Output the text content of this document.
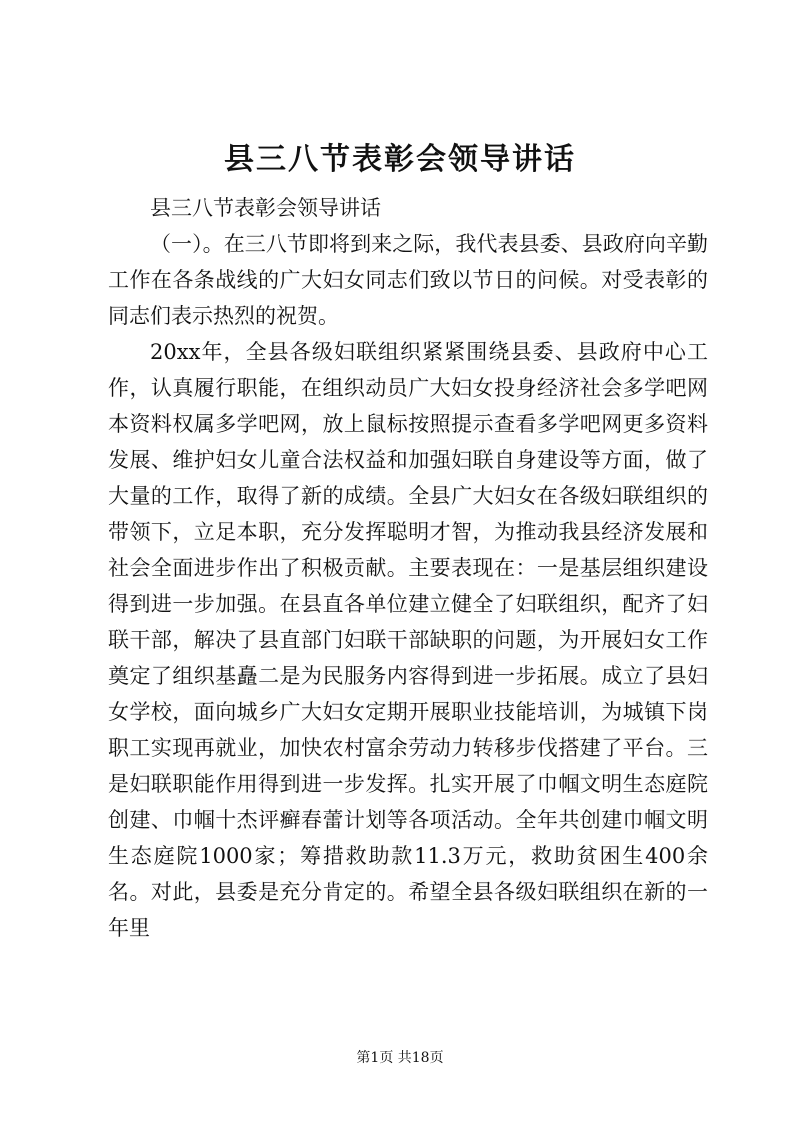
县三八节表彰会领导讲话

县三八节表彰会领导讲话

（一）。在三八节即将到来之际，我代表县委、县政府向辛勤工作在各条战线的广大妇女同志们致以节日的问候。对受表彰的同志们表示热烈的祝贺。

20xx年，全县各级妇联组织紧紧围绕县委、县政府中心工作，认真履行职能，在组织动员广大妇女投身经济社会多学吧网本资料权属多学吧网，放上鼠标按照提示查看多学吧网更多资料发展、维护妇女儿童合法权益和加强妇联自身建设等方面，做了大量的工作，取得了新的成绩。全县广大妇女在各级妇联组织的带领下，立足本职，充分发挥聪明才智，为推动我县经济发展和社会全面进步作出了积极贡献。主要表现在：一是基层组织建设得到进一步加强。在县直各单位建立健全了妇联组织，配齐了妇联干部，解决了县直部门妇联干部缺职的问题，为开展妇女工作奠定了组织基矗二是为民服务内容得到进一步拓展。成立了县妇女学校，面向城乡广大妇女定期开展职业技能培训，为城镇下岗职工实现再就业，加快农村富余劳动力转移步伐搭建了平台。三是妇联职能作用得到进一步发挥。扎实开展了巾帼文明生态庭院创建、巾帼十杰评癣春蕾计划等各项活动。全年共创建巾帼文明生态庭院1000家；筹措救助款11.3万元，救助贫困生400余名。对此，县委是充分肯定的。希望全县各级妇联组织在新的一年里

第1页 共18页
